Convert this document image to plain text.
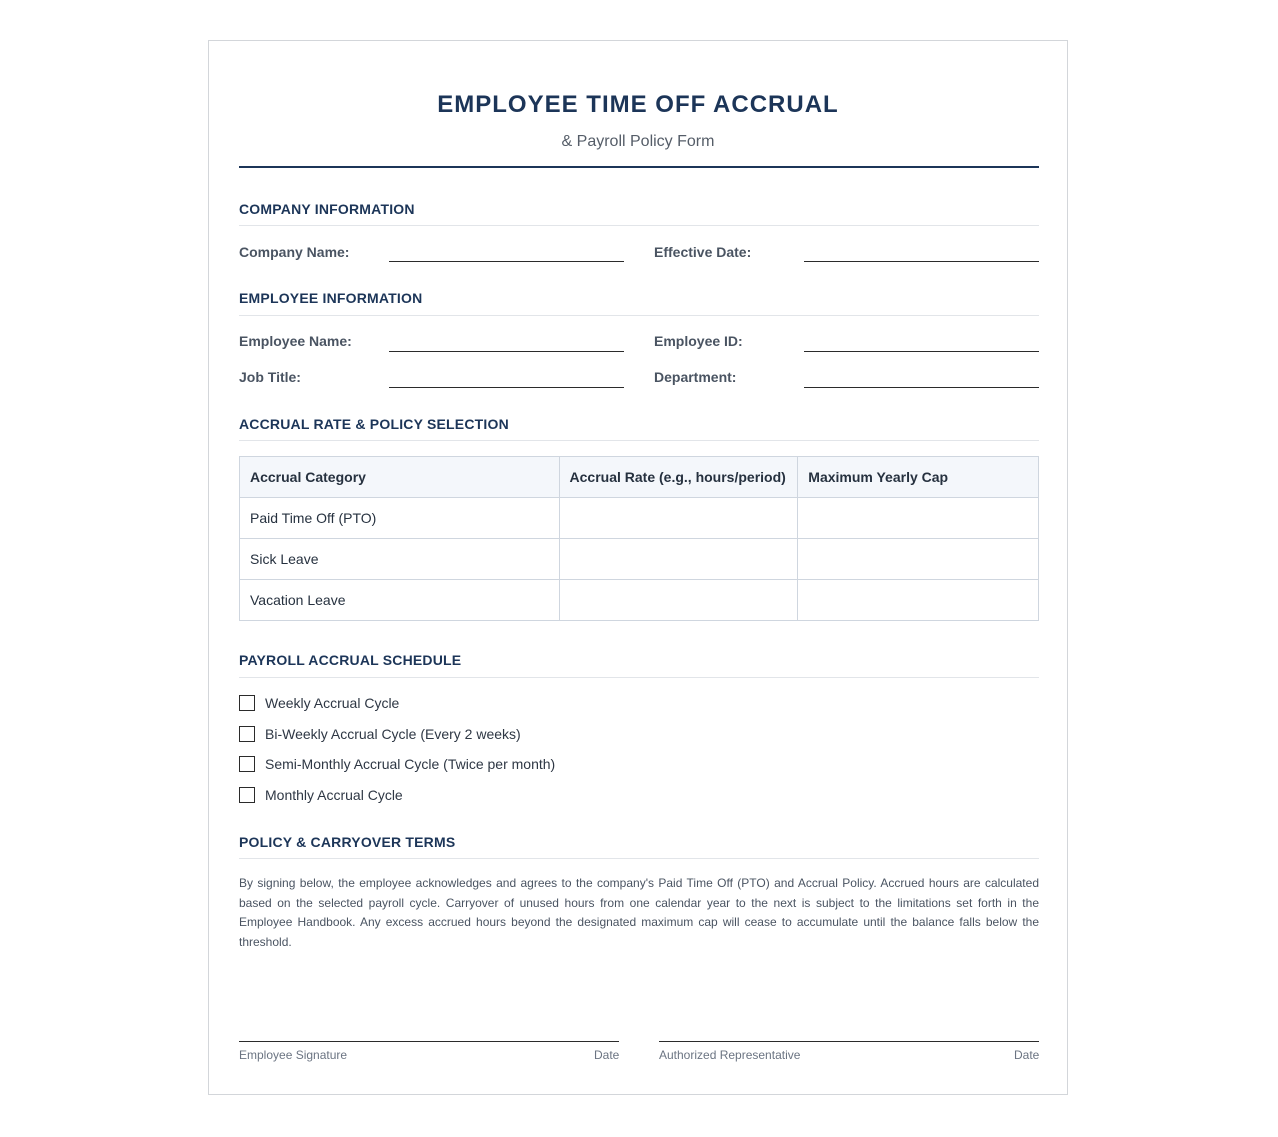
EMPLOYEE TIME OFF ACCRUAL
& Payroll Policy Form
COMPANY INFORMATION
Company Name:	Effective Date:
EMPLOYEE INFORMATION
Employee Name:	Employee ID:
Job Title:	Department:
ACCRUAL RATE & POLICY SELECTION
Accrual Category	Accrual Rate (e.g., hours/period)	Maximum Yearly Cap
Paid Time Off (PTO)		
Sick Leave		
Vacation Leave		
PAYROLL ACCRUAL SCHEDULE
Weekly Accrual Cycle
Bi-Weekly Accrual Cycle (Every 2 weeks)
Semi-Monthly Accrual Cycle (Twice per month)
Monthly Accrual Cycle
POLICY & CARRYOVER TERMS
By signing below, the employee acknowledges and agrees to the company's Paid Time Off (PTO) and Accrual Policy. Accrued hours are calculated based on the selected payroll cycle. Carryover of unused hours from one calendar year to the next is subject to the limitations set forth in the Employee Handbook. Any excess accrued hours beyond the designated maximum cap will cease to accumulate until the balance falls below the threshold.
Employee Signature	Date	Authorized Representative	Date
